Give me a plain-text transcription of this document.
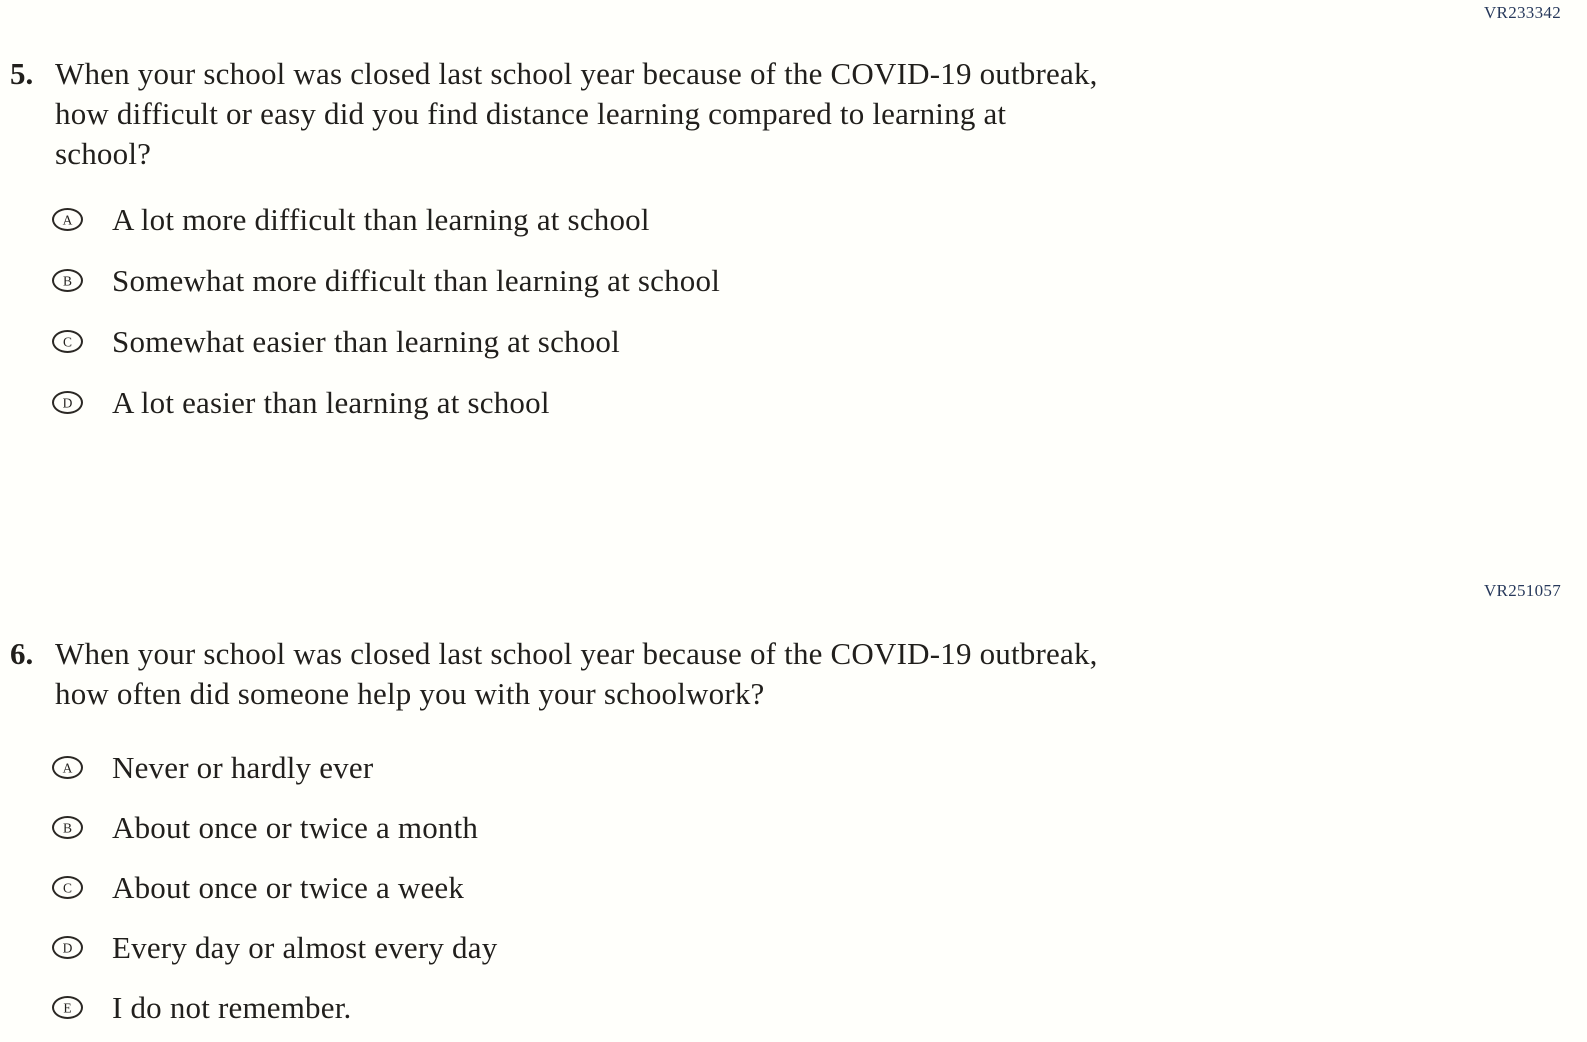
VR233342
5. When your school was closed last school year because of the COVID-19 outbreak,
how difficult or easy did you find distance learning compared to learning at
school?
A A lot more difficult than learning at school
B Somewhat more difficult than learning at school
C Somewhat easier than learning at school
D A lot easier than learning at school
VR251057
6. When your school was closed last school year because of the COVID-19 outbreak,
how often did someone help you with your schoolwork?
A Never or hardly ever
B About once or twice a month
C About once or twice a week
D Every day or almost every day
E I do not remember.
